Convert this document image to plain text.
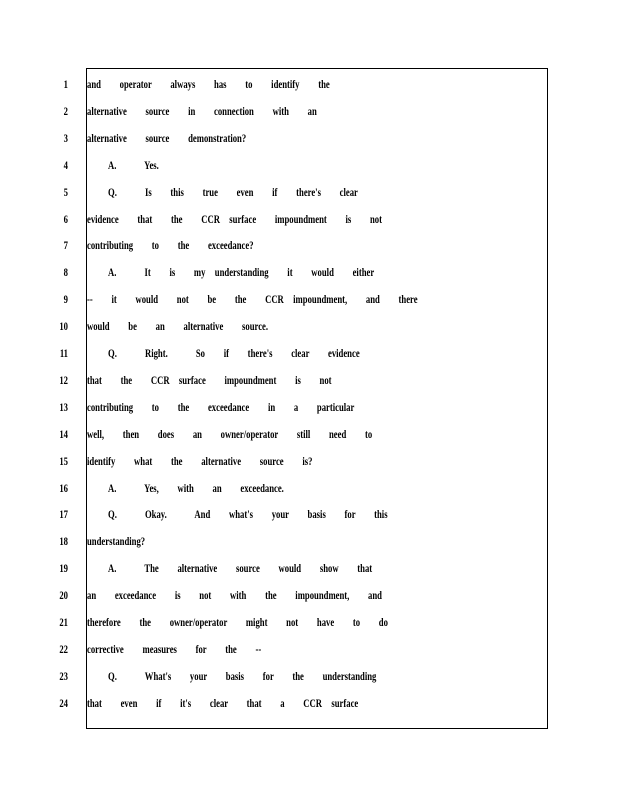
1 and  operator  always  has  to  identify  the
2 alternative  source  in  connection  with  an
3 alternative  source  demonstration?
4	A.   Yes.
5	Q.   Is  this  true  even  if  there's  clear
6 evidence  that  the  CCR surface  impoundment  is  not
7 contributing  to  the  exceedance?
8	A.   It  is  my understanding  it  would  either
9 --  it  would  not  be  the  CCR impoundment,  and  there
10 would  be  an  alternative  source.
11	Q.   Right.   So  if  there's  clear  evidence
12 that  the  CCR surface  impoundment  is  not
13 contributing  to  the  exceedance  in  a  particular
14 well,  then  does  an  owner/operator  still  need  to
15 identify  what  the  alternative  source  is?
16	A.   Yes,  with  an  exceedance.
17	Q.   Okay.   And  what's  your  basis  for  this
18 understanding?
19	A.   The  alternative  source  would  show  that
20 an  exceedance  is  not  with  the  impoundment,  and
21 therefore  the  owner/operator  might  not  have  to  do
22 corrective  measures  for  the  --
23	Q.   What's  your  basis  for  the  understanding
24 that  even  if  it's  clear  that  a  CCR surface
